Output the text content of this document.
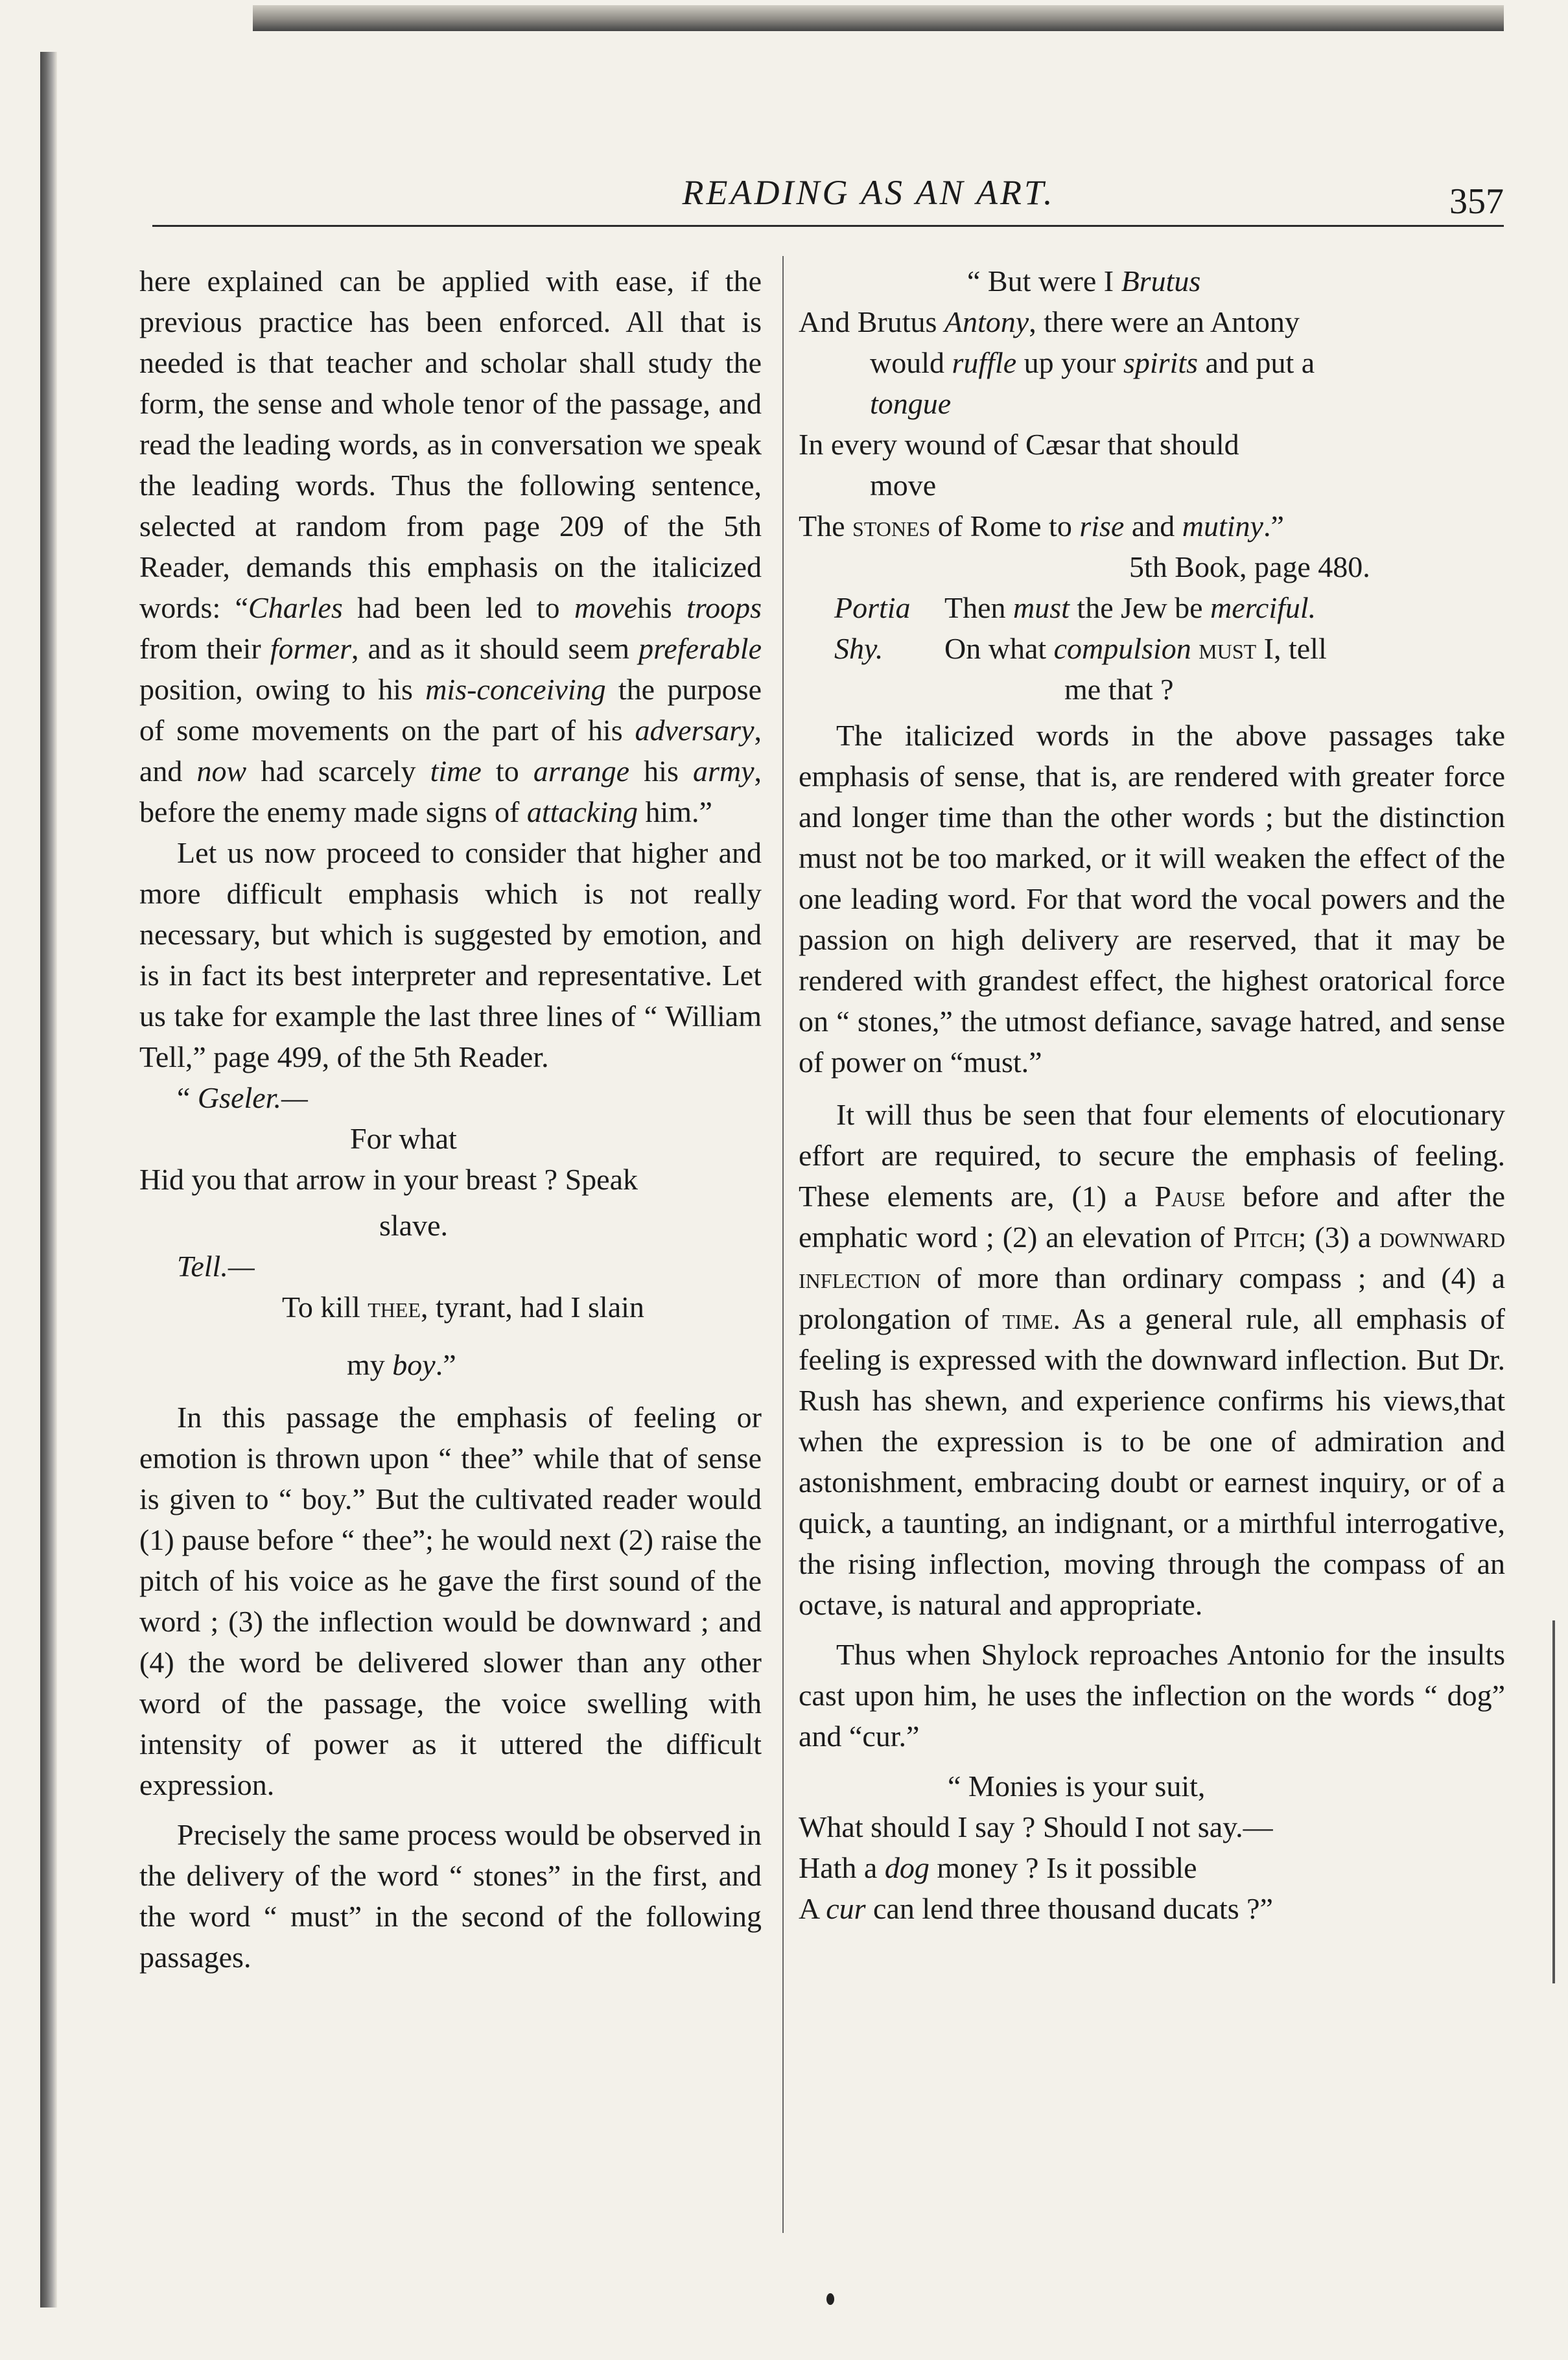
READING AS AN ART.	357

here explained can be applied with ease, if the previous practice has been enforced. All that is needed is that teacher and scholar shall study the form, the sense and whole tenor of the passage, and read the leading words, as in conversation we speak the leading words. Thus the following sentence, selected at random from page 209 of the 5th Reader, demands this emphasis on the italicized words: “Charles had been led to movehis troops from their former, and as it should seem preferable position, owing to his mis-conceiving the purpose of some movements on the part of his adversary, and now had scarcely time to arrange his army, before the enemy made signs of attacking him.”

Let us now proceed to consider that higher and more difficult emphasis which is not really necessary, but which is suggested by emotion, and is in fact its best interpreter and representative. Let us take for example the last three lines of “ William Tell,” page 499, of the 5th Reader.

“ Gseler.—
For what
Hid you that arrow in your breast ? Speak
slave.
Tell.—
To kill thee, tyrant, had I slain
my boy.”

In this passage the emphasis of feeling or emotion is thrown upon “ thee” while that of sense is given to “ boy.” But the cultivated reader would (1) pause before “ thee”; he would next (2) raise the pitch of his voice as he gave the first sound of the word ; (3) the inflection would be downward ; and (4) the word be delivered slower than any other word of the passage, the voice swelling with intensity of power as it uttered the difficult expression.

Precisely the same process would be observed in the delivery of the word “ stones” in the first, and the word “ must” in the second of the following passages.

“ But were I Brutus
And Brutus Antony, there were an Antony
would ruffle up your spirits and put a
tongue
In every wound of Cæsar that should
move
The stones of Rome to rise and mutiny.”
5th Book, page 480.
Portia Then must the Jew be merciful.
Shy. On what compulsion must I, tell
me that ?

The italicized words in the above passages take emphasis of sense, that is, are rendered with greater force and longer time than the other words ; but the distinction must not be too marked, or it will weaken the effect of the one leading word. For that word the vocal powers and the passion on high delivery are reserved, that it may be rendered with grandest effect, the highest oratorical force on “ stones,” the utmost defiance, savage hatred, and sense of power on “must.”

It will thus be seen that four elements of elocutionary effort are required, to secure the emphasis of feeling. These elements are, (1) a Pause before and after the emphatic word ; (2) an elevation of Pitch; (3) a downward inflection of more than ordinary compass ; and (4) a prolongation of time. As a general rule, all emphasis of feeling is expressed with the downward inflection. But Dr. Rush has shewn, and experience confirms his views,that when the expression is to be one of admiration and astonishment, embracing doubt or earnest inquiry, or of a quick, a taunting, an indignant, or a mirthful interrogative, the rising inflection, moving through the compass of an octave, is natural and appropriate.

Thus when Shylock reproaches Antonio for the insults cast upon him, he uses the inflection on the words “ dog” and “cur.”

“ Monies is your suit,
What should I say ? Should I not say.—
Hath a dog money ? Is it possible
A cur can lend three thousand ducats ?”
